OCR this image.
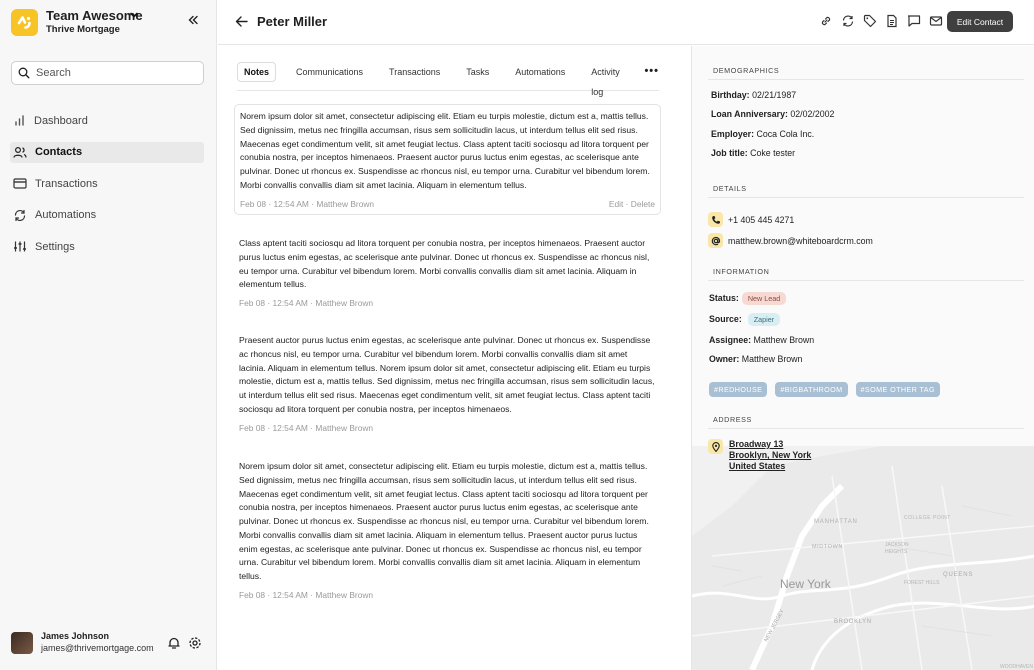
Team Awesome
Thrive Mortgage
Search
Dashboard
Contacts
Transactions
Automations
Settings
James Johnson
james@thrivemortgage.com
Peter Miller	Edit Contact
Notes	Communications	Transactions	Tasks	Automations	Activity log
•••
Norem ipsum dolor sit amet, consectetur adipiscing elit. Etiam eu turpis molestie, dictum est a, mattis tellus. Sed dignissim, metus nec fringilla accumsan, risus sem sollicitudin lacus, ut interdum tellus elit sed risus. Maecenas eget condimentum velit, sit amet feugiat lectus. Class aptent taciti sociosqu ad litora torquent per conubia nostra, per inceptos himenaeos. Praesent auctor purus luctus enim egestas, ac scelerisque ante pulvinar. Donec ut rhoncus ex. Suspendisse ac rhoncus nisl, eu tempor urna. Curabitur vel bibendum lorem. Morbi convallis convallis diam sit amet lacinia. Aliquam in elementum tellus.
Feb 08 · 12:54 AM · Matthew Brown	Edit · Delete
Class aptent taciti sociosqu ad litora torquent per conubia nostra, per inceptos himenaeos. Praesent auctor purus luctus enim egestas, ac scelerisque ante pulvinar. Donec ut rhoncus ex. Suspendisse ac rhoncus nisl, eu tempor urna. Curabitur vel bibendum lorem. Morbi convallis convallis diam sit amet lacinia. Aliquam in elementum tellus.
Feb 08 · 12:54 AM · Matthew Brown
Praesent auctor purus luctus enim egestas, ac scelerisque ante pulvinar. Donec ut rhoncus ex. Suspendisse ac rhoncus nisl, eu tempor urna. Curabitur vel bibendum lorem. Morbi convallis convallis diam sit amet lacinia. Aliquam in elementum tellus. Norem ipsum dolor sit amet, consectetur adipiscing elit. Etiam eu turpis molestie, dictum est a, mattis tellus. Sed dignissim, metus nec fringilla accumsan, risus sem sollicitudin lacus, ut interdum tellus elit sed risus. Maecenas eget condimentum velit, sit amet feugiat lectus. Class aptent taciti sociosqu ad litora torquent per conubia nostra, per inceptos himenaeos.
Feb 08 · 12:54 AM · Matthew Brown
Norem ipsum dolor sit amet, consectetur adipiscing elit. Etiam eu turpis molestie, dictum est a, mattis tellus. Sed dignissim, metus nec fringilla accumsan, risus sem sollicitudin lacus, ut interdum tellus elit sed risus. Maecenas eget condimentum velit, sit amet feugiat lectus. Class aptent taciti sociosqu ad litora torquent per conubia nostra, per inceptos himenaeos. Praesent auctor purus luctus enim egestas, ac scelerisque ante pulvinar. Donec ut rhoncus ex. Suspendisse ac rhoncus nisl, eu tempor urna. Curabitur vel bibendum lorem. Morbi convallis convallis diam sit amet lacinia. Aliquam in elementum tellus. Praesent auctor purus luctus enim egestas, ac scelerisque ante pulvinar. Donec ut rhoncus ex. Suspendisse ac rhoncus nisl, eu tempor urna. Curabitur vel bibendum lorem. Morbi convallis convallis diam sit amet lacinia. Aliquam in elementum tellus.
Feb 08 · 12:54 AM · Matthew Brown
DEMOGRAPHICS
Birthday: 02/21/1987
Loan Anniversary: 02/02/2002
Employer: Coca Cola Inc.
Job title: Coke tester
DETAILS
+1 405 445 4271
matthew.brown@whiteboardcrm.com
INFORMATION
Status: New Lead
Source: Zapier
Assignee: Matthew Brown
Owner: Matthew Brown
#REDHOUSE	#BIGBATHROOM	#SOME OTHER TAG
ADDRESS
MANHATTAN
COLLEGE POINT
MIDTOWN	JACKSON
HEIGHTS
New York
QUEENS
FOREST HILLS
NEW JERSEY	BROOKLYN
WOODHAVEN
Broadway 13
Brooklyn, New York
United States
